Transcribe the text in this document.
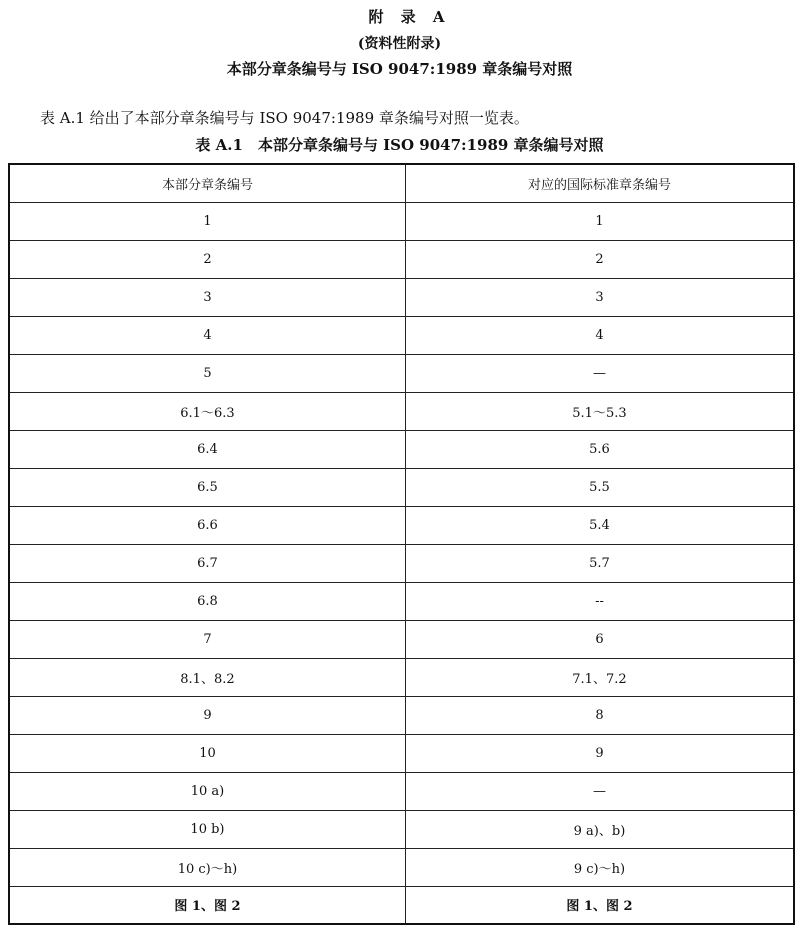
附 录 A
(资料性附录)
本部分章条编号与 ISO 9047:1989 章条编号对照
表 A.1 给出了本部分章条编号与 ISO 9047:1989 章条编号对照一览表。
表 A.1　本部分章条编号与 ISO 9047:1989 章条编号对照
本部分章条编号	对应的国际标准章条编号
1	1
2	2
3	3
4	4
5	—
6.1～6.3	5.1～5.3
6.4	5.6
6.5	5.5
6.6	5.4
6.7	5.7
6.8	--
7	6
8.1、8.2	7.1、7.2
9	8
10	9
10 a)	—
10 b)	9 a)、b)
10 c)～h)	9 c)～h)
图 1、图 2	图 1、图 2
